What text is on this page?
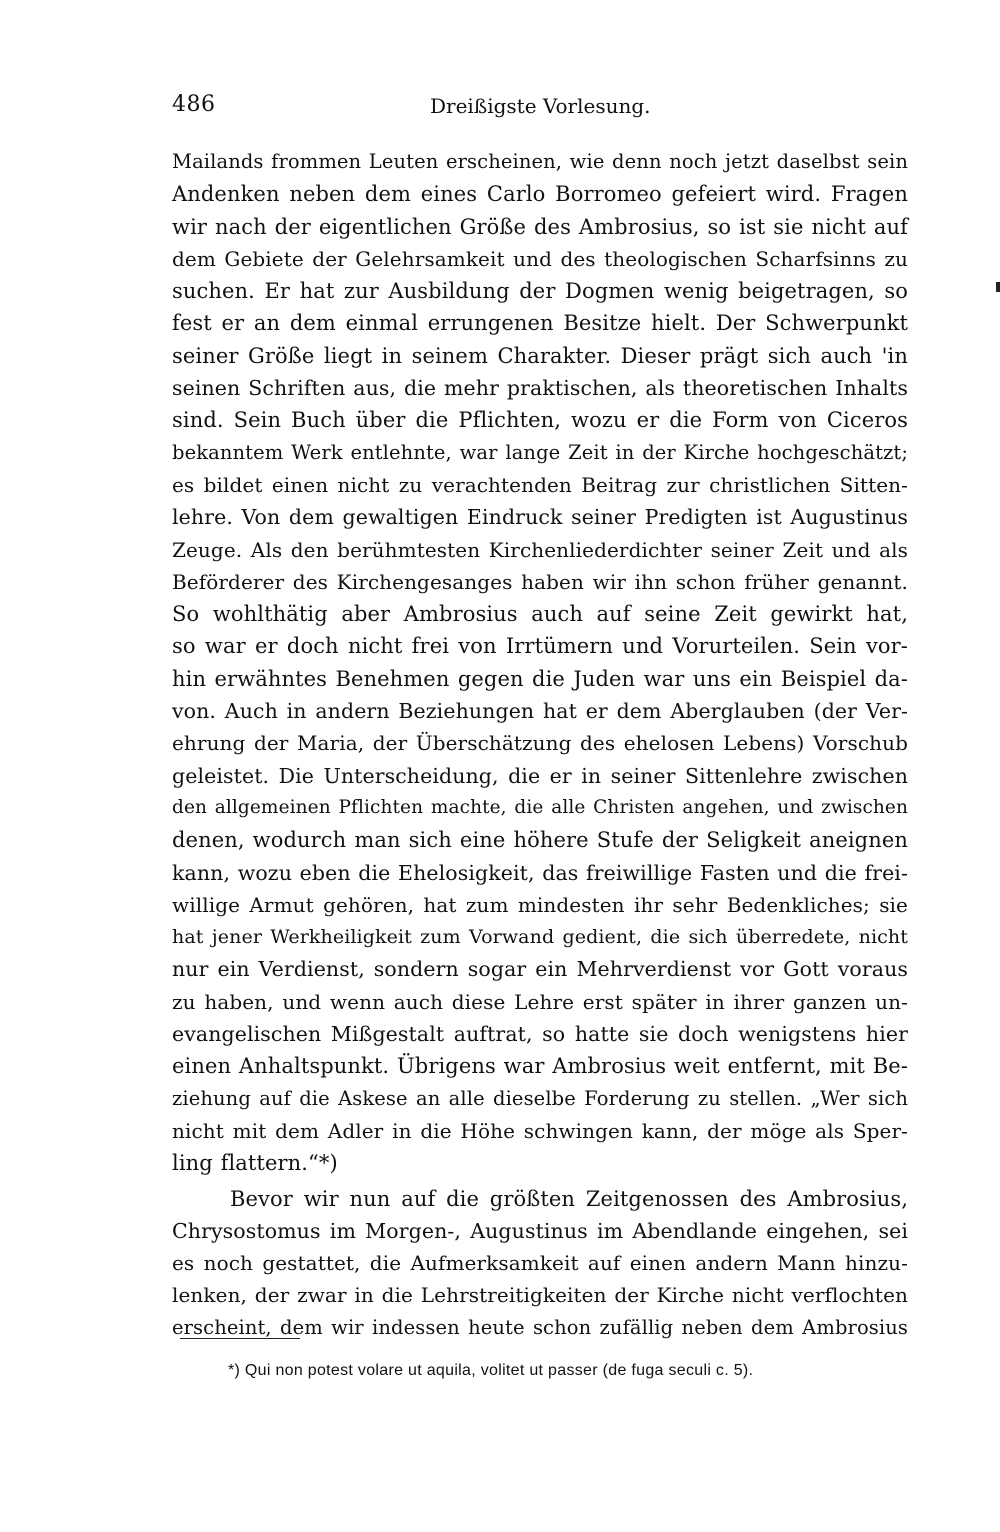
486	Dreißigste Vorlesung.
Mailands frommen Leuten erscheinen, wie denn noch jetzt daselbst sein
Andenken neben dem eines Carlo Borromeo gefeiert wird. Fragen
wir nach der eigentlichen Größe des Ambrosius, so ist sie nicht auf
dem Gebiete der Gelehrsamkeit und des theologischen Scharfsinns zu
suchen. Er hat zur Ausbildung der Dogmen wenig beigetragen, so
fest er an dem einmal errungenen Besitze hielt. Der Schwerpunkt
seiner Größe liegt in seinem Charakter. Dieser prägt sich auch 'in
seinen Schriften aus, die mehr praktischen, als theoretischen Inhalts
sind. Sein Buch über die Pflichten, wozu er die Form von Ciceros
bekanntem Werk entlehnte, war lange Zeit in der Kirche hochgeschätzt;
es bildet einen nicht zu verachtenden Beitrag zur christlichen Sitten-
lehre. Von dem gewaltigen Eindruck seiner Predigten ist Augustinus
Zeuge. Als den berühmtesten Kirchenliederdichter seiner Zeit und als
Beförderer des Kirchengesanges haben wir ihn schon früher genannt.
So wohlthätig aber Ambrosius auch auf seine Zeit gewirkt hat,
so war er doch nicht frei von Irrtümern und Vorurteilen. Sein vor-
hin erwähntes Benehmen gegen die Juden war uns ein Beispiel da-
von. Auch in andern Beziehungen hat er dem Aberglauben (der Ver-
ehrung der Maria, der Überschätzung des ehelosen Lebens) Vorschub
geleistet. Die Unterscheidung, die er in seiner Sittenlehre zwischen
den allgemeinen Pflichten machte, die alle Christen angehen, und zwischen
denen, wodurch man sich eine höhere Stufe der Seligkeit aneignen
kann, wozu eben die Ehelosigkeit, das freiwillige Fasten und die frei-
willige Armut gehören, hat zum mindesten ihr sehr Bedenkliches; sie
hat jener Werkheiligkeit zum Vorwand gedient, die sich überredete, nicht
nur ein Verdienst, sondern sogar ein Mehrverdienst vor Gott voraus
zu haben, und wenn auch diese Lehre erst später in ihrer ganzen un-
evangelischen Mißgestalt auftrat, so hatte sie doch wenigstens hier
einen Anhaltspunkt. Übrigens war Ambrosius weit entfernt, mit Be-
ziehung auf die Askese an alle dieselbe Forderung zu stellen. „Wer sich
nicht mit dem Adler in die Höhe schwingen kann, der möge als Sper-
ling flattern.“*)
Bevor wir nun auf die größten Zeitgenossen des Ambrosius,
Chrysostomus im Morgen-, Augustinus im Abendlande eingehen, sei
es noch gestattet, die Aufmerksamkeit auf einen andern Mann hinzu-
lenken, der zwar in die Lehrstreitigkeiten der Kirche nicht verflochten
erscheint, dem wir indessen heute schon zufällig neben dem Ambrosius
*) Qui non potest volare ut aquila, volitet ut passer (de fuga seculi c. 5).
